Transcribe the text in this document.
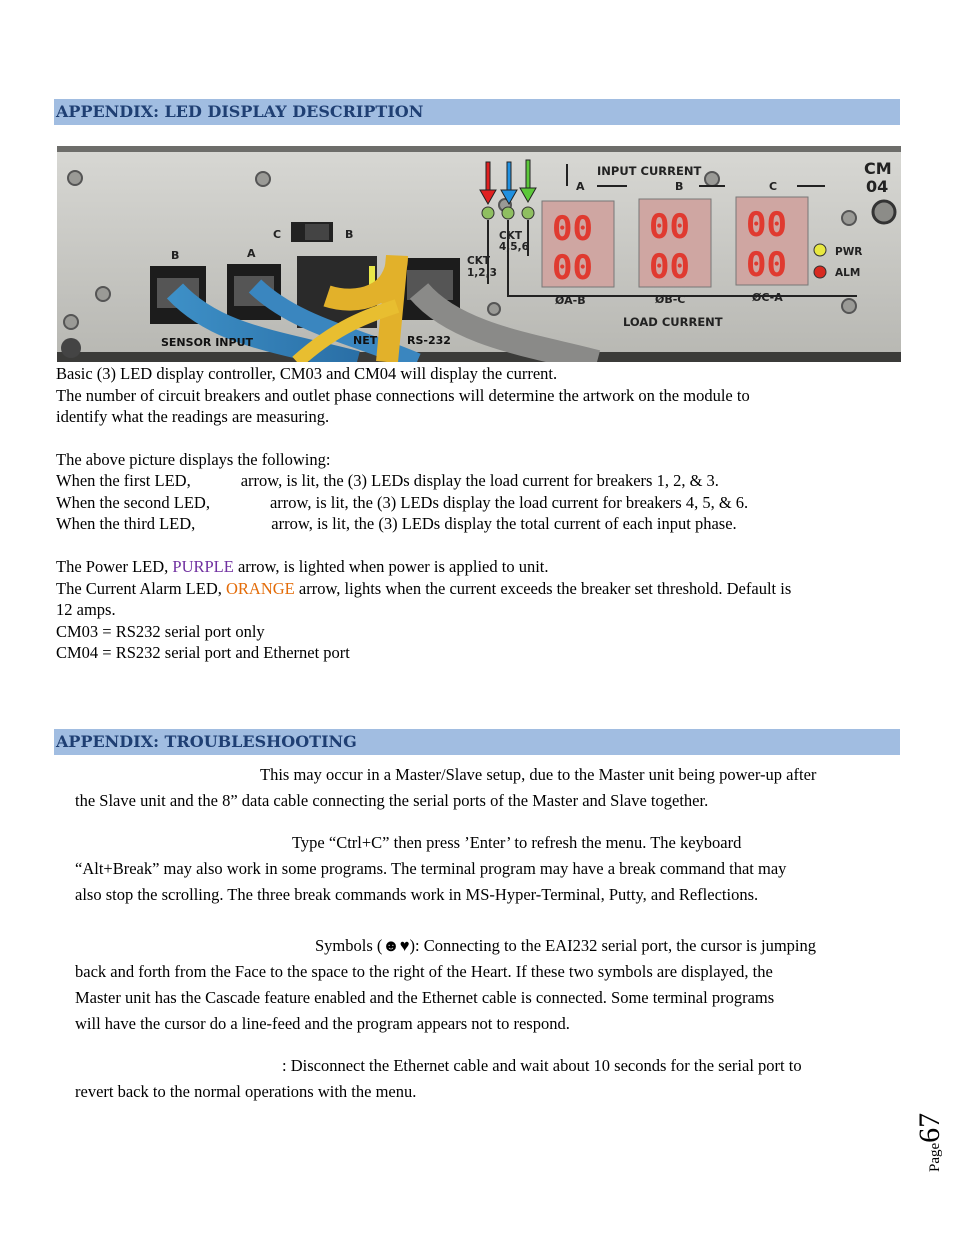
APPENDIX: LED DISPLAY DESCRIPTION
C	B
B	A
SENSOR INPUT	NET	RS-232
INPUT CURRENT
A	B	C
CM
04
CKT
4,5,6
CKT
1,2,3
00
00
00
00
00
00	PWR
ALM
ØA-B	ØB-C	ØC-A
LOAD CURRENT
Basic (3) LED display controller, CM03 and CM04 will display the current.
The number of circuit breakers and outlet phase connections will determine the artwork on the module to
identify what the readings are measuring.
The above picture displays the following:
When the first LED,	arrow, is lit, the (3) LEDs display the load current for breakers 1, 2, & 3.
When the second LED,	arrow, is lit, the (3) LEDs display the load current for breakers 4, 5, & 6.
When the third LED,	arrow, is lit, the (3) LEDs display the total current of each input phase.
The Power LED, PURPLE arrow, is lighted when power is applied to unit.
The Current Alarm LED, ORANGE arrow, lights when the current exceeds the breaker set threshold. Default is
12 amps.
CM03 = RS232 serial port only
CM04 = RS232 serial port and Ethernet port
APPENDIX: TROUBLESHOOTING
This may occur in a Master/Slave setup, due to the Master unit being power-up after
the Slave unit and the 8” data cable connecting the serial ports of the Master and Slave together.
Type “Ctrl+C” then press ’Enter’ to refresh the menu. The keyboard
“Alt+Break” may also work in some programs. The terminal program may have a break command that may
also stop the scrolling. The three break commands work in MS-Hyper-Terminal, Putty, and Reflections.
Symbols (☻♥): Connecting to the EAI232 serial port, the cursor is jumping
back and forth from the Face to the space to the right of the Heart. If these two symbols are displayed, the
Master unit has the Cascade feature enabled and the Ethernet cable is connected. Some terminal programs
will have the cursor do a line-feed and the program appears not to respond.
: Disconnect the Ethernet cable and wait about 10 seconds for the serial port to
revert back to the normal operations with the menu.
Page67
